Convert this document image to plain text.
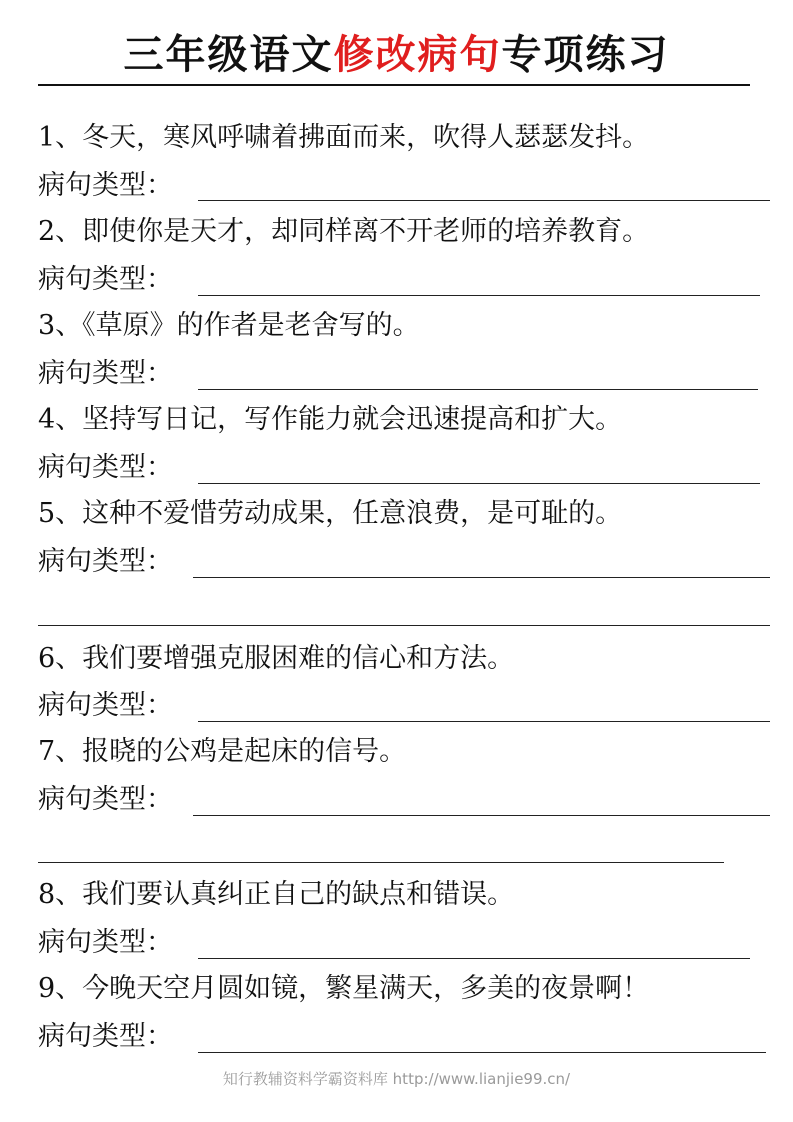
三年级语文修改病句专项练习
1、冬天，寒风呼啸着拂面而来，吹得人瑟瑟发抖。
病句类型：
2、即使你是天才，却同样离不开老师的培养教育。
病句类型：
3、《草原》的作者是老舍写的。
病句类型：
4、坚持写日记，写作能力就会迅速提高和扩大。
病句类型：
5、这种不爱惜劳动成果，任意浪费，是可耻的。
病句类型：
6、我们要增强克服困难的信心和方法。
病句类型：
7、报晓的公鸡是起床的信号。
病句类型：
8、我们要认真纠正自己的缺点和错误。
病句类型：
9、今晚天空月圆如镜，繁星满天，多美的夜景啊！
病句类型：
知行教辅资料学霸资料库 http://www.lianjie99.cn/
